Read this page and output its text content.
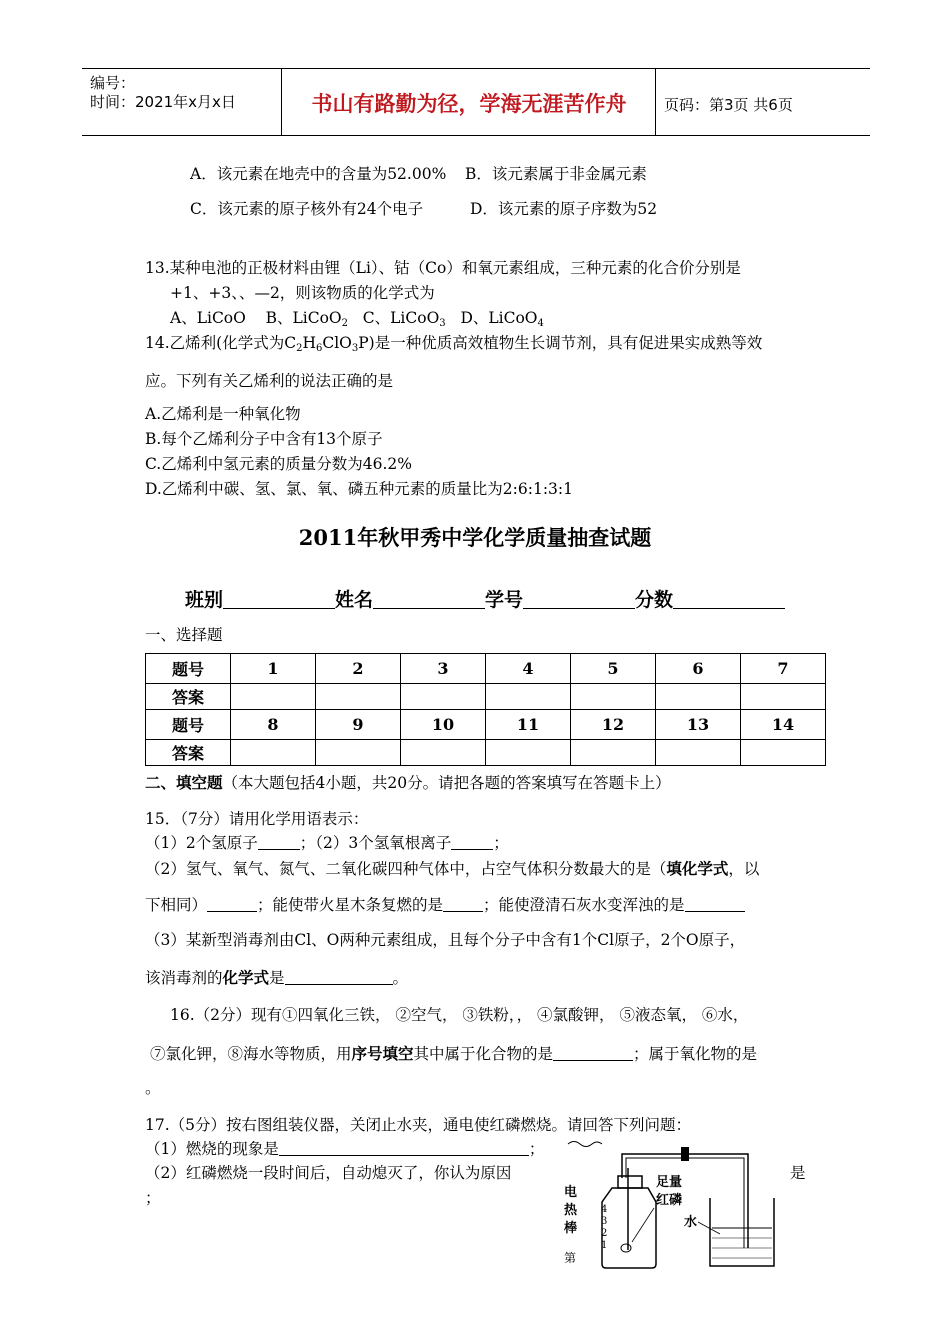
编号：
时间：2021年x月x日	书山有路勤为径，学海无涯苦作舟	页码：第3页 共6页
A．该元素在地壳中的含量为52.00% B．该元素属于非金属元素
C．该元素的原子核外有24个电子	D．该元素的原子序数为52
13.某种电池的正极材料由锂（Li）、钴（Co）和氧元素组成，三种元素的化合价分别是
+1、+3、、—2，则该物质的化学式为
A、LiCoO B、LiCoO$_2$ C、LiCoO$_3$ D、LiCoO$_4$
14.乙烯利(化学式为$C_2H_6ClO_3P$)是一种优质高效植物生长调节剂，具有促进果实成熟等效
应。下列有关乙烯利的说法正确的是
A.乙烯利是一种氧化物
B.每个乙烯利分子中含有13个原子
C.乙烯利中氢元素的质量分数为46.2%
D.乙烯利中碳、氢、氯、氧、磷五种元素的质量比为2:6:1:3:1
2011年秋甲秀中学化学质量抽查试题
班别	姓名	学号	分数
一、选择题
题号	1	2	3	4	5	6	7
答案							
题号	8	9	10	11	12	13	14
答案							
二、填空题（本大题包括4小题，共20分。请把各题的答案填写在答题卡上）
15．（7分）请用化学用语表示：
（1）2个氢原子	；（2）3个氢氧根离子	；
（2）氢气、氧气、氮气、二氧化碳四种气体中，占空气体积分数最大的是（填化学式，以
下相同）	；能使带火星木条复燃的是	；能使澄清石灰水变浑浊的是
（3）某新型消毒剂由Cl、O两种元素组成，且每个分子中含有1个Cl原子，2个O原子，
该消毒剂的化学式是	。
16.（2分）现有①四氧化三铁， ②空气， ③铁粉，， ④氯酸钾， ⑤液态氧， ⑥水，
⑦氯化钾，⑧海水等物质，用序号填空其中属于化合物的是	；属于氧化物的是
。
17.（5分）按右图组装仪器，关闭止水夹，通电使红磷燃烧。请回答下列问题：
（1）燃烧的现象是	；
（2）红磷燃烧一段时间后，自动熄灭了，你认为原因	是
；	电
热
棒
4
3
2
1
足量
红磷
水
第
